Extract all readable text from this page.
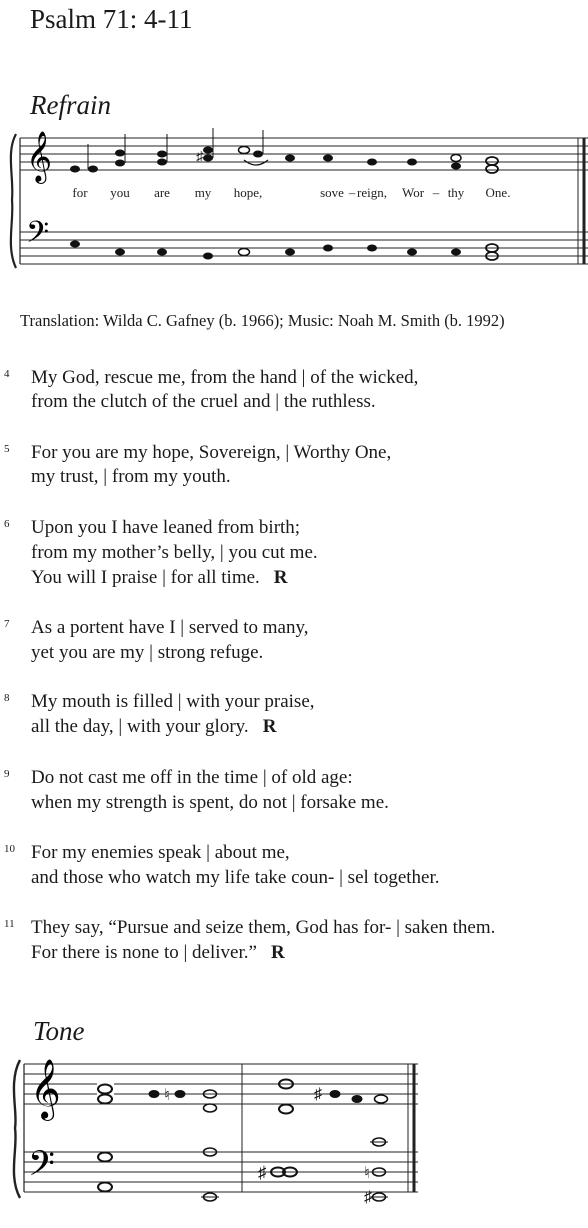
Psalm 71: 4-11
Refrain
𝄞
𝄢
♯
for you are my hope,	sove – reign, Wor – thy One.
Translation: Wilda C. Gafney (b. 1966); Music: Noah M. Smith (b. 1992)
4 My God, rescue me, from the hand | of the wicked,
from the clutch of the cruel and | the ruthless.
5 For you are my hope, Sovereign, | Worthy One,
my trust, | from my youth.
6 Upon you I have leaned from birth;
from my mother’s belly, | you cut me.
You will I praise | for all time. R
7 As a portent have I | served to many,
yet you are my | strong refuge.
8 My mouth is filled | with your praise,
all the day, | with your glory. R
9 Do not cast me off in the time | of old age:
when my strength is spent, do not | forsake me.
10 For my enemies speak | about me,
and those who watch my life take coun- | sel together.
11 They say, “Pursue and seize them, God has for- | saken them.
For there is none to | deliver.” R
Tone
𝄞
𝄢
♮	♯
♯	♮
♯
